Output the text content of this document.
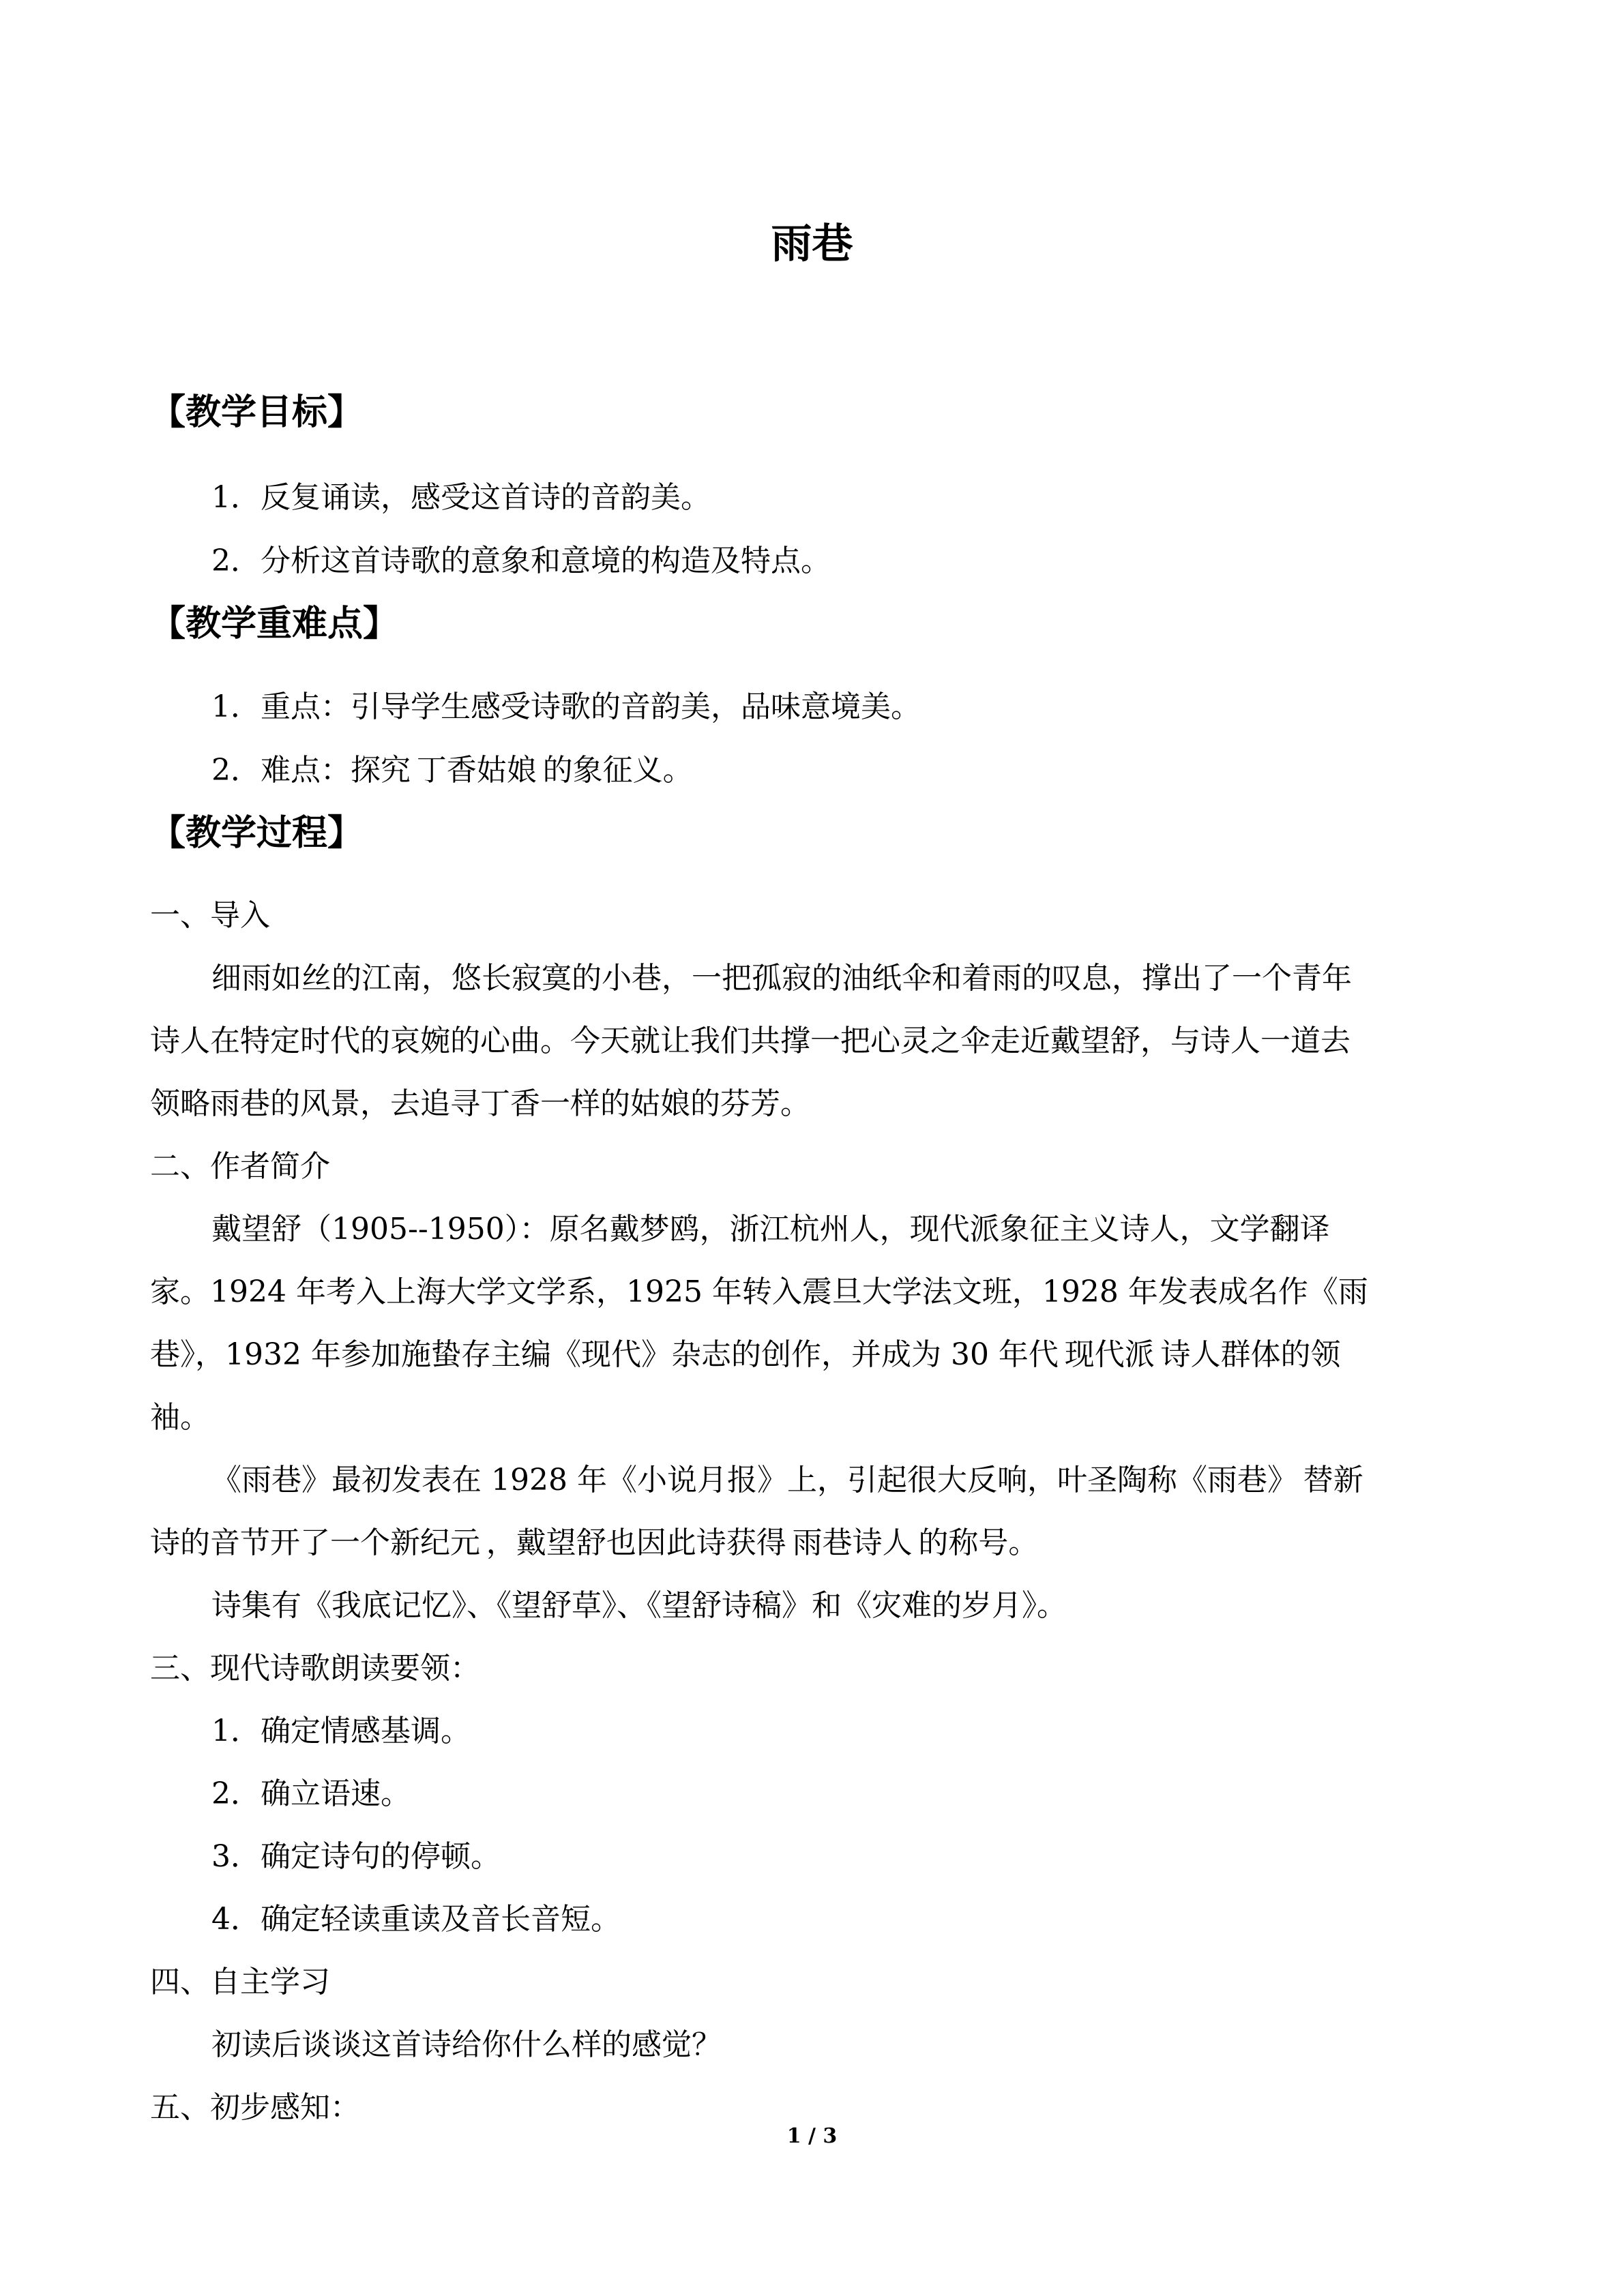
雨巷
【教学目标】
1．反复诵读，感受这首诗的音韵美。
2．分析这首诗歌的意象和意境的构造及特点。
【教学重难点】
1．重点：引导学生感受诗歌的音韵美，品味意境美。
2．难点：探究 丁香姑娘 的象征义。
【教学过程】
一、导入
细雨如丝的江南，悠长寂寞的小巷，一把孤寂的油纸伞和着雨的叹息，撑出了一个青年
诗人在特定时代的哀婉的心曲。今天就让我们共撑一把心灵之伞走近戴望舒，与诗人一道去
领略雨巷的风景，去追寻丁香一样的姑娘的芬芳。
二、作者简介
戴望舒（1905--1950）：原名戴梦鸥，浙江杭州人，现代派象征主义诗人，文学翻译
家。1924 年考入上海大学文学系，1925 年转入震旦大学法文班，1928 年发表成名作《雨
巷》，1932 年参加施蛰存主编《现代》杂志的创作，并成为 30 年代 现代派 诗人群体的领
袖。
《雨巷》最初发表在 1928 年《小说月报》上，引起很大反响，叶圣陶称《雨巷》 替新
诗的音节开了一个新纪元 ，戴望舒也因此诗获得 雨巷诗人 的称号。
诗集有《我底记忆》、《望舒草》、《望舒诗稿》和《灾难的岁月》。
三、现代诗歌朗读要领：
1．确定情感基调。
2．确立语速。
3．确定诗句的停顿。
4．确定轻读重读及音长音短。
四、自主学习
初读后谈谈这首诗给你什么样的感觉？
五、初步感知：
1 / 3
